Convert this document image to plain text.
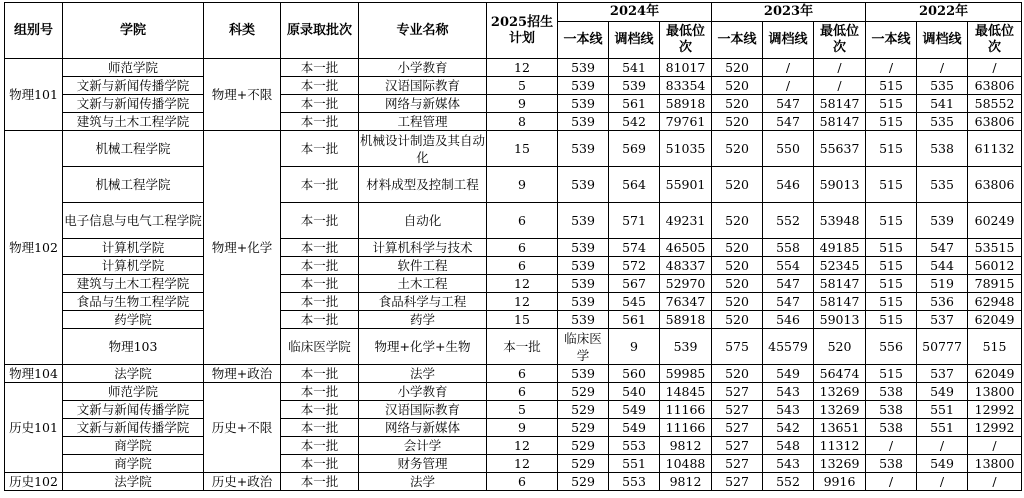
组别号	学院	科类	原录取批次	专业名称	2025招生计划	2024年			2023年			2022年			
						一本线	调档线	最低位次	一本线	调档线	最低位次	一本线	调档线	最低位次	
物理101	师范学院	物理+不限	本一批	小学教育	12	539	541	81017	520	/	/	/	/	/	
	文新与新闻传播学院		本一批	汉语国际教育	5	539	539	83354	520	/	/	515	535	63806	
	文新与新闻传播学院		本一批	网络与新媒体	9	539	561	58918	520	547	58147	515	541	58552	
	建筑与土木工程学院		本一批	工程管理	8	539	542	79761	520	547	58147	515	535	63806	
物理102	机械工程学院	物理+化学	本一批	机械设计制造及其自动化	15	539	569	51035	520	550	55637	515	538	61132	
	机械工程学院		本一批	材料成型及控制工程	9	539	564	55901	520	546	59013	515	535	63806	
	电子信息与电气工程学院		本一批	自动化	6	539	571	49231	520	552	53948	515	539	60249	
	计算机学院		本一批	计算机科学与技术	6	539	574	46505	520	558	49185	515	547	53515	
	计算机学院		本一批	软件工程	6	539	572	48337	520	554	52345	515	544	56012	
	建筑与土木工程学院		本一批	土木工程	12	539	567	52970	520	547	58147	515	519	78915	
	食品与生物工程学院		本一批	食品科学与工程	12	539	545	76347	520	547	58147	515	536	62948	
	药学院		本一批	药学	15	539	561	58918	520	546	59013	515	537	62049	
	物理103		临床医学院	物理+化学+生物	本一批	临床医学	9	539	575	45579	520	556	50777	515		
物理104	法学院	物理+政治	本一批	法学	6	539	560	59985	520	549	56474	515	537	62049	
历史101	师范学院	历史+不限	本一批	小学教育	6	529	540	14845	527	543	13269	538	549	13800	
	文新与新闻传播学院		本一批	汉语国际教育	5	529	549	11166	527	543	13269	538	551	12992	
	文新与新闻传播学院		本一批	网络与新媒体	9	529	549	11166	527	542	13651	538	551	12992	
	商学院		本一批	会计学	12	529	553	9812	527	548	11312	/	/	/	
	商学院		本一批	财务管理	12	529	551	10488	527	543	13269	538	549	13800	
历史102	法学院	历史+政治	本一批	法学	6	529	553	9812	527	552	9916	/	/	/	
